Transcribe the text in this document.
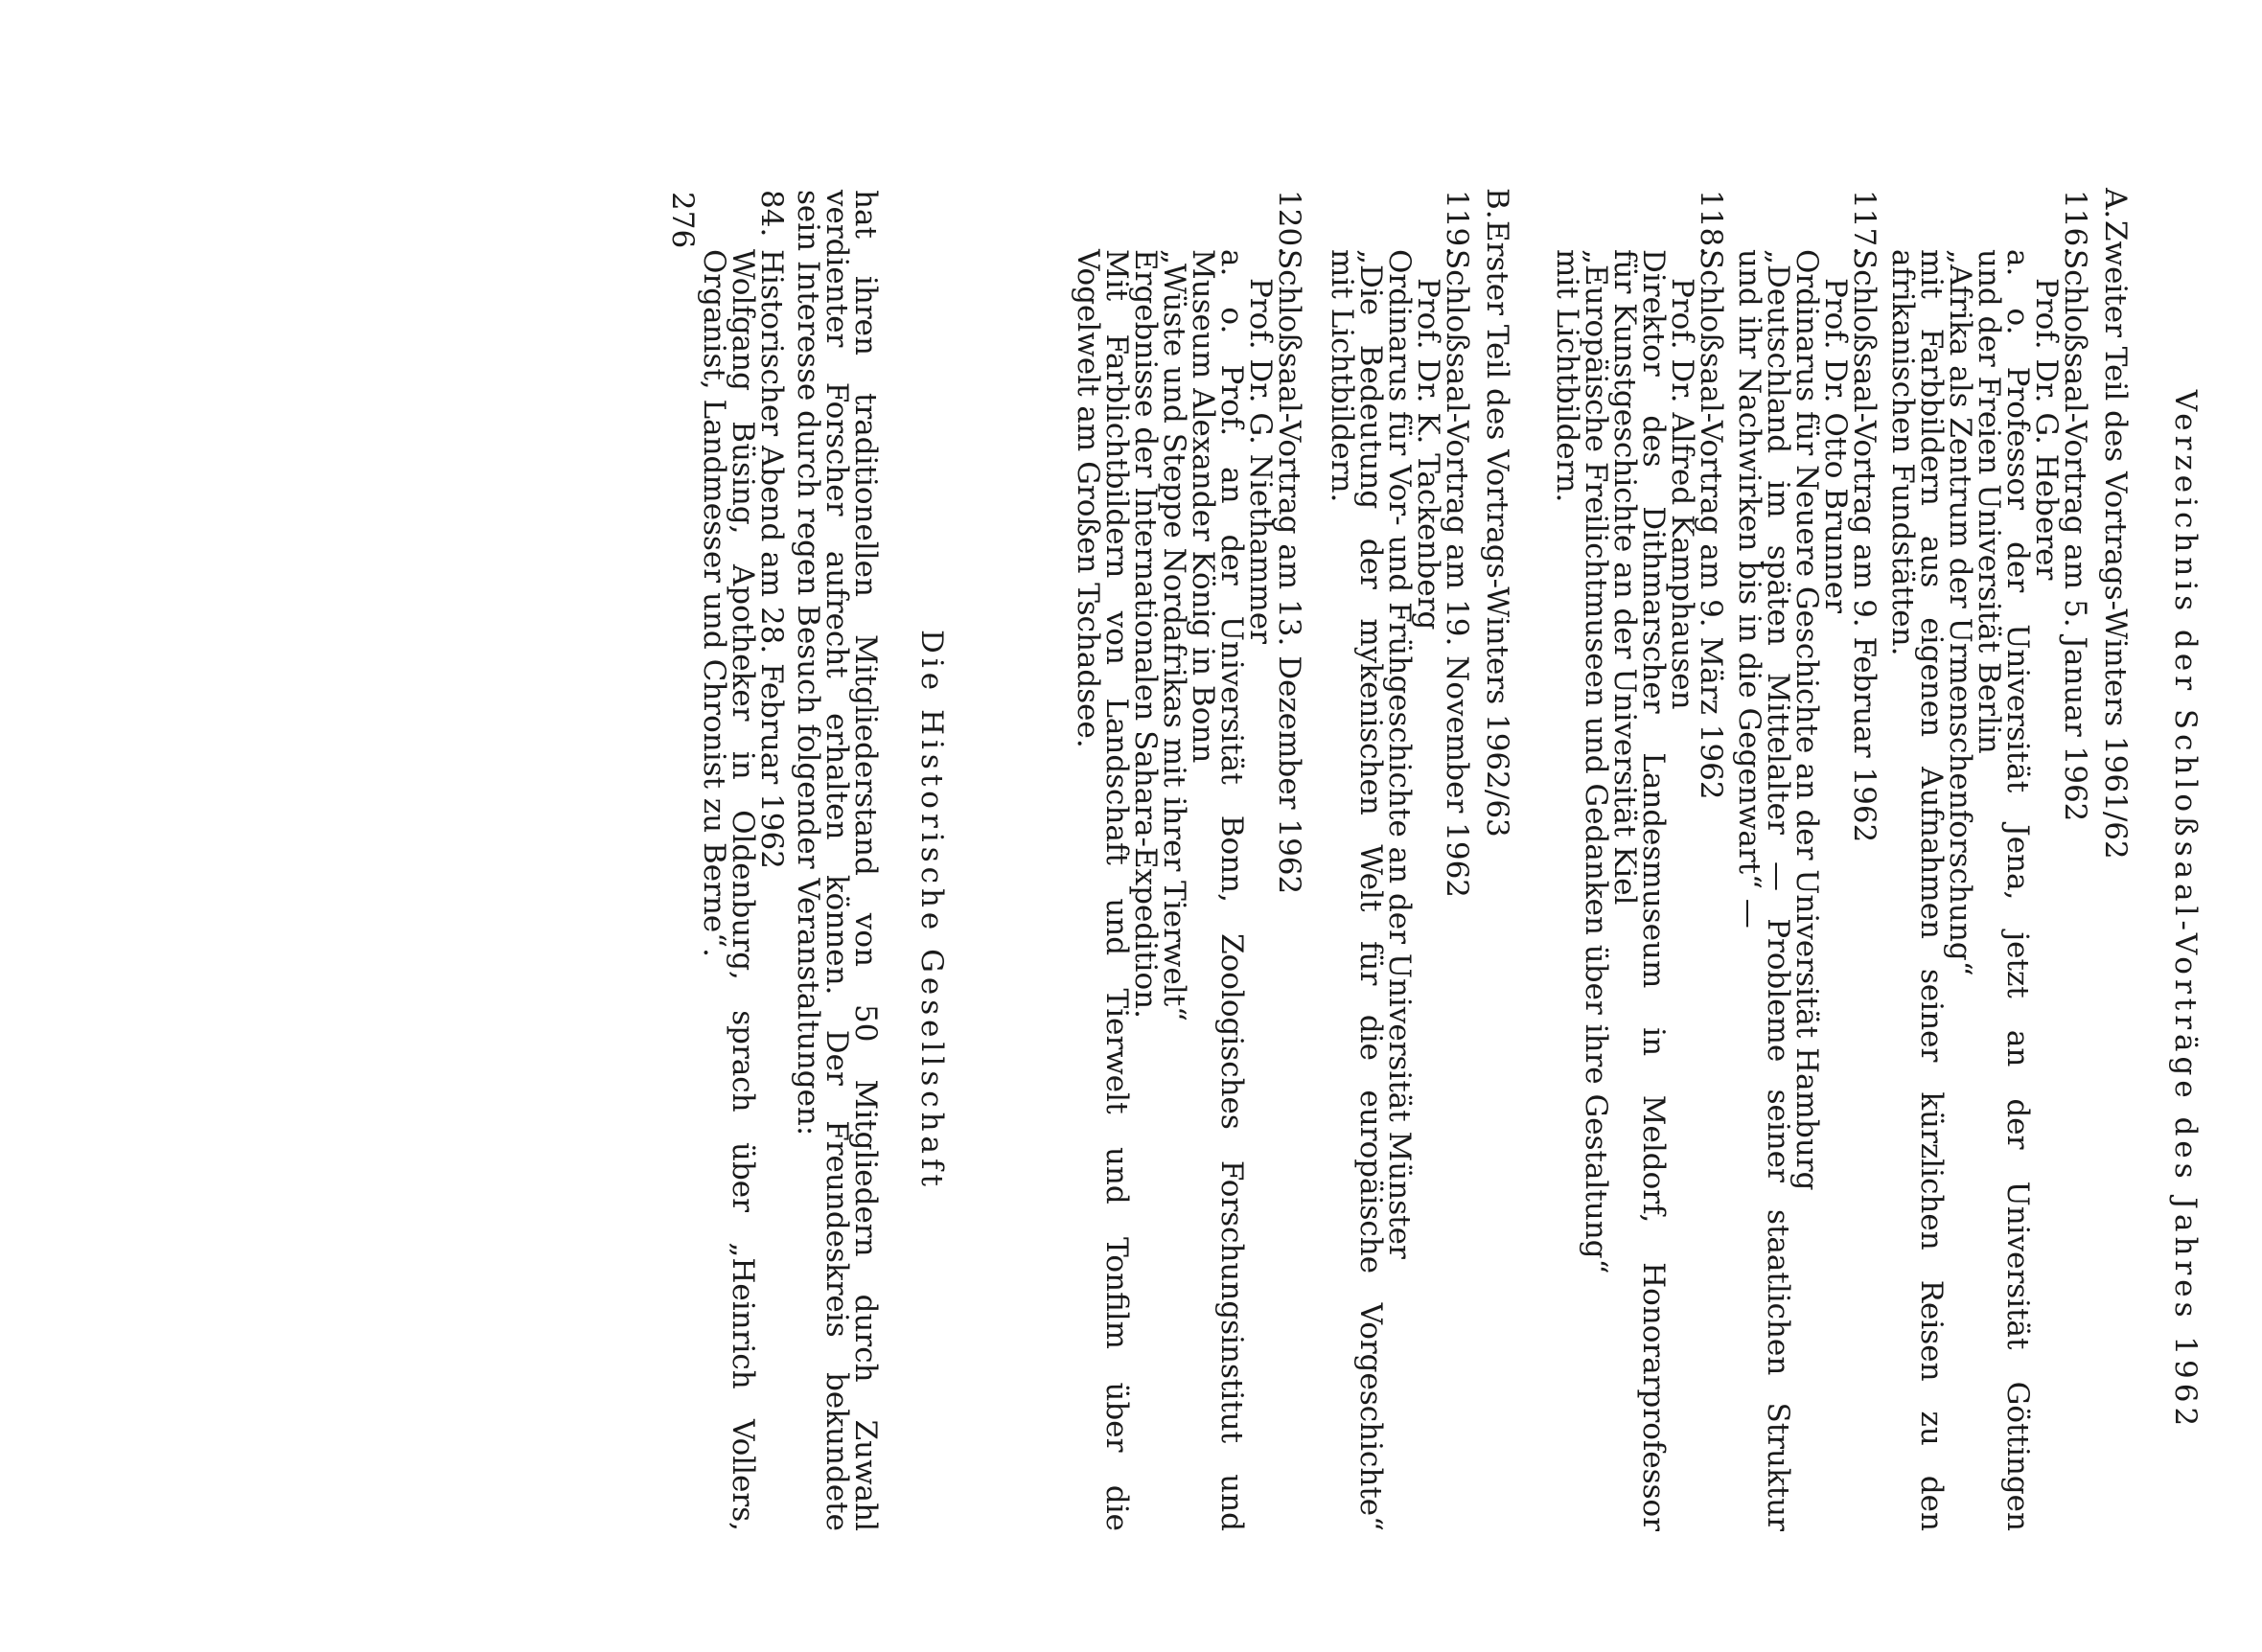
Verzeichnis der Schloßsaal-Vorträge des Jahres 1962
A.
Zweiter Teil des Vortrags-Winters 1961/62
116.
Schloßsaal-Vortrag am 5. Januar 1962
Prof. Dr. G. Heberer
a. o. Professor der Universität Jena, jetzt an der Universität Göttingen
und der Freien Universität Berlin
„Afrika als Zentrum der Urmenschenforschung“
mit Farbbildern aus eigenen Aufnahmen seiner kürzlichen Reisen zu den
afrikanischen Fundstätten.
117.
Schloßsaal-Vortrag am 9. Februar 1962
Prof. Dr. Otto Brunner
Ordinarus für Neuere Geschichte an der Universität Hamburg
„Deutschland im späten Mittelalter — Probleme seiner staatlichen Struktur
und ihr Nachwirken bis in die Gegenwart“ —
118.
Schloßsaal-Vortrag am 9. März 1962
Prof. Dr. Alfred Kamphausen
Direktor des Dithmarscher Landesmuseum in Meldorf, Honorarprofessor
für Kunstgeschichte an der Universität Kiel
„Europäische Freilichtmuseen und Gedanken über ihre Gestaltung“
mit Lichtbildern.
B.
Erster Teil des Vortrags-Winters 1962/63
119.
Schloßsaal-Vortrag am 19. November 1962
Prof. Dr. K. Tackenberg
Ordinarus für Vor- und Frühgeschichte an der Universität Münster
„Die Bedeutung der mykenischen Welt für die europäische Vorgeschichte“
mit Lichtbildern.
120.
Schloßsaal-Vortrag am 13. Dezember 1962
Prof. Dr. G. Niethammer
a. o. Prof. an der Universität Bonn, Zoologisches Forschungsinstitut und
Museum Alexander König in Bonn
„Wüste und Steppe Nordafrikas mit ihrer Tierwelt“
Ergebnisse der Internationalen Sahara-Expedition.
Mit Farblichtbildern von Landschaft und Tierwelt und Tonfilm über die
Vogelwelt am Großen Tschadsee.
Die Historische Gesellschaft
hat ihren traditionellen Mitgliederstand von 50 Mitgliedern durch Zuwahl
verdienter Forscher aufrecht erhalten können. Der Freundeskreis bekundete
sein Interesse durch regen Besuch folgender Veranstaltungen:
84.
Historischer Abend am 28. Februar 1962
Wolfgang Büsing, Apotheker in Oldenburg, sprach über „Heinrich Vollers,
Organist, Landmesser und Chronist zu Berne“.
276
